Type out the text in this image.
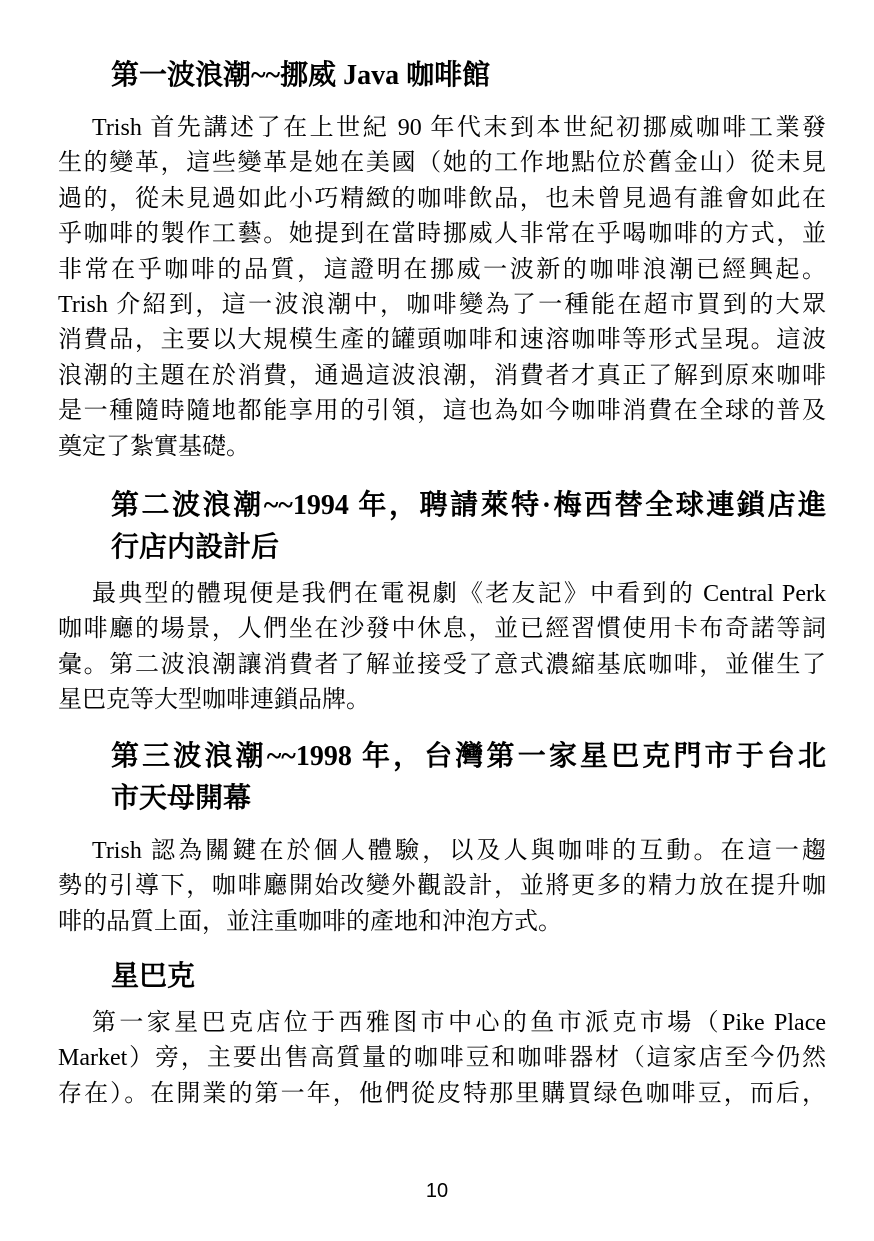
第一波浪潮~~挪威 Java 咖啡館

Trish 首先講述了在上世紀 90 年代末到本世紀初挪威咖啡工業發
生的變革，這些變革是她在美國（她的工作地點位於舊金山）從未見
過的，從未見過如此小巧精緻的咖啡飲品，也未曾見過有誰會如此在
乎咖啡的製作工藝。她提到在當時挪威人非常在乎喝咖啡的方式，並
非常在乎咖啡的品質，這證明在挪威一波新的咖啡浪潮已經興起。
Trish 介紹到，這一波浪潮中，咖啡變為了一種能在超市買到的大眾
消費品，主要以大規模生產的罐頭咖啡和速溶咖啡等形式呈現。這波
浪潮的主題在於消費，通過這波浪潮，消費者才真正了解到原來咖啡
是一種隨時隨地都能享用的引領，這也為如今咖啡消費在全球的普及
奠定了紮實基礎。

第二波浪潮~~1994 年，聘請萊特·梅西替全球連鎖店進
行店内設計后

最典型的體現便是我們在電視劇《老友記》中看到的 Central Perk
咖啡廳的場景，人們坐在沙發中休息，並已經習慣使用卡布奇諾等詞
彙。第二波浪潮讓消費者了解並接受了意式濃縮基底咖啡，並催生了
星巴克等大型咖啡連鎖品牌。

第三波浪潮~~1998 年，台灣第一家星巴克門市于台北
市天母開幕

Trish 認為關鍵在於個人體驗，以及人與咖啡的互動。在這一趨
勢的引導下，咖啡廳開始改變外觀設計，並將更多的精力放在提升咖
啡的品質上面，並注重咖啡的產地和沖泡方式。

星巴克

第一家星巴克店位于西雅图市中心的鱼市派克市場（Pike Place
Market）旁，主要出售高質量的咖啡豆和咖啡器材（這家店至今仍然
存在）。在開業的第一年，他們從皮特那里購買绿色咖啡豆，而后，

10
